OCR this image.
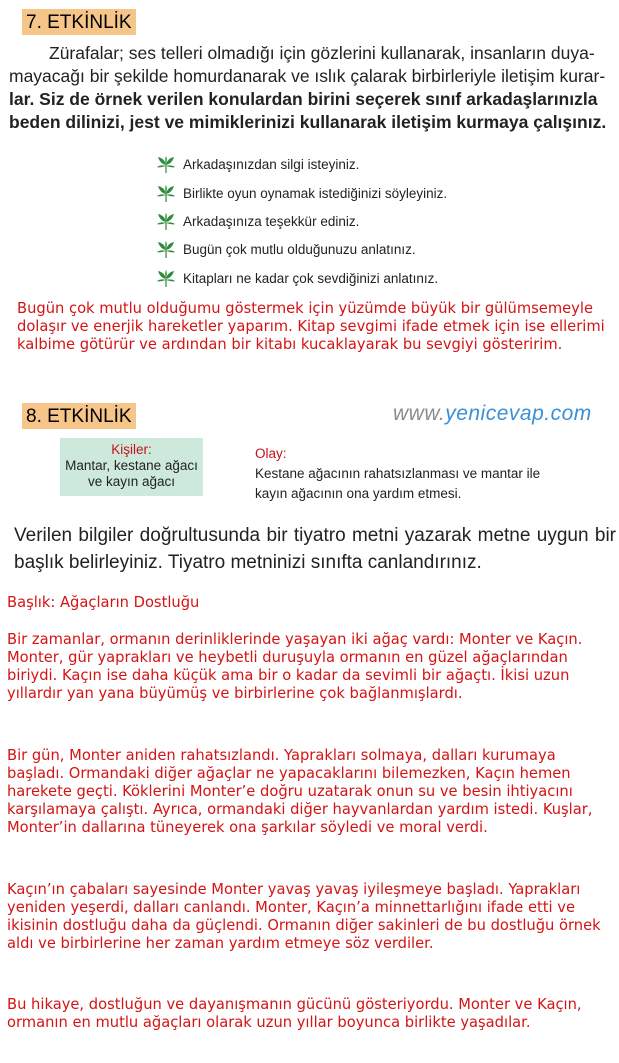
7. ETKİNLİK

Zürafalar; ses telleri olmadığı için gözlerini kullanarak, insanların duya-

mayacağı bir şekilde homurdanarak ve ıslık çalarak birbirleriyle iletişim kurar-

lar. Siz de örnek verilen konulardan birini seçerek sınıf arkadaşlarınızla

beden dilinizi, jest ve mimiklerinizi kullanarak iletişim kurmaya çalışınız.

Arkadaşınızdan silgi isteyiniz.
Birlikte oyun oynamak istediğinizi söyleyiniz.
Arkadaşınıza teşekkür ediniz.
Bugün çok mutlu olduğunuzu anlatınız.
Kitapları ne kadar çok sevdiğinizi anlatınız.
Bugün çok mutlu olduğumu göstermek için yüzümde büyük bir gülümsemeyle dolaşır ve enerjik hareketler yaparım. Kitap sevgimi ifade etmek için ise ellerimi kalbime götürür ve ardından bir kitabı kucaklayarak bu sevgiyi gösteririm.
8. ETKİNLİK	www.yenicevap.com
Kişiler:
Mantar, kestane ağacı
ve kayın ağacı
Olay:
Kestane ağacının rahatsızlanması ve mantar ile
kayın ağacının ona yardım etmesi.
Verilen bilgiler doğrultusunda bir tiyatro metni yazarak metne uygun bir başlık belirleyiniz. Tiyatro metninizi sınıfta canlandırınız.
Başlık: Ağaçların Dostluğu
Bir zamanlar, ormanın derinliklerinde yaşayan iki ağaç vardı: Monter ve Kaçın. Monter, gür yaprakları ve heybetli duruşuyla ormanın en güzel ağaçlarından biriydi. Kaçın ise daha küçük ama bir o kadar da sevimli bir ağaçtı. İkisi uzun yıllardır yan yana büyümüş ve birbirlerine çok bağlanmışlardı.
Bir gün, Monter aniden rahatsızlandı. Yaprakları solmaya, dalları kurumaya başladı. Ormandaki diğer ağaçlar ne yapacaklarını bilemezken, Kaçın hemen harekete geçti. Köklerini Monter’e doğru uzatarak onun su ve besin ihtiyacını karşılamaya çalıştı. Ayrıca, ormandaki diğer hayvanlardan yardım istedi. Kuşlar, Monter’in dallarına tüneyerek ona şarkılar söyledi ve moral verdi.
Kaçın’ın çabaları sayesinde Monter yavaş yavaş iyileşmeye başladı. Yaprakları yeniden yeşerdi, dalları canlandı. Monter, Kaçın’a minnettarlığını ifade etti ve ikisinin dostluğu daha da güçlendi. Ormanın diğer sakinleri de bu dostluğu örnek aldı ve birbirlerine her zaman yardım etmeye söz verdiler.
Bu hikaye, dostluğun ve dayanışmanın gücünü gösteriyordu. Monter ve Kaçın, ormanın en mutlu ağaçları olarak uzun yıllar boyunca birlikte yaşadılar.
